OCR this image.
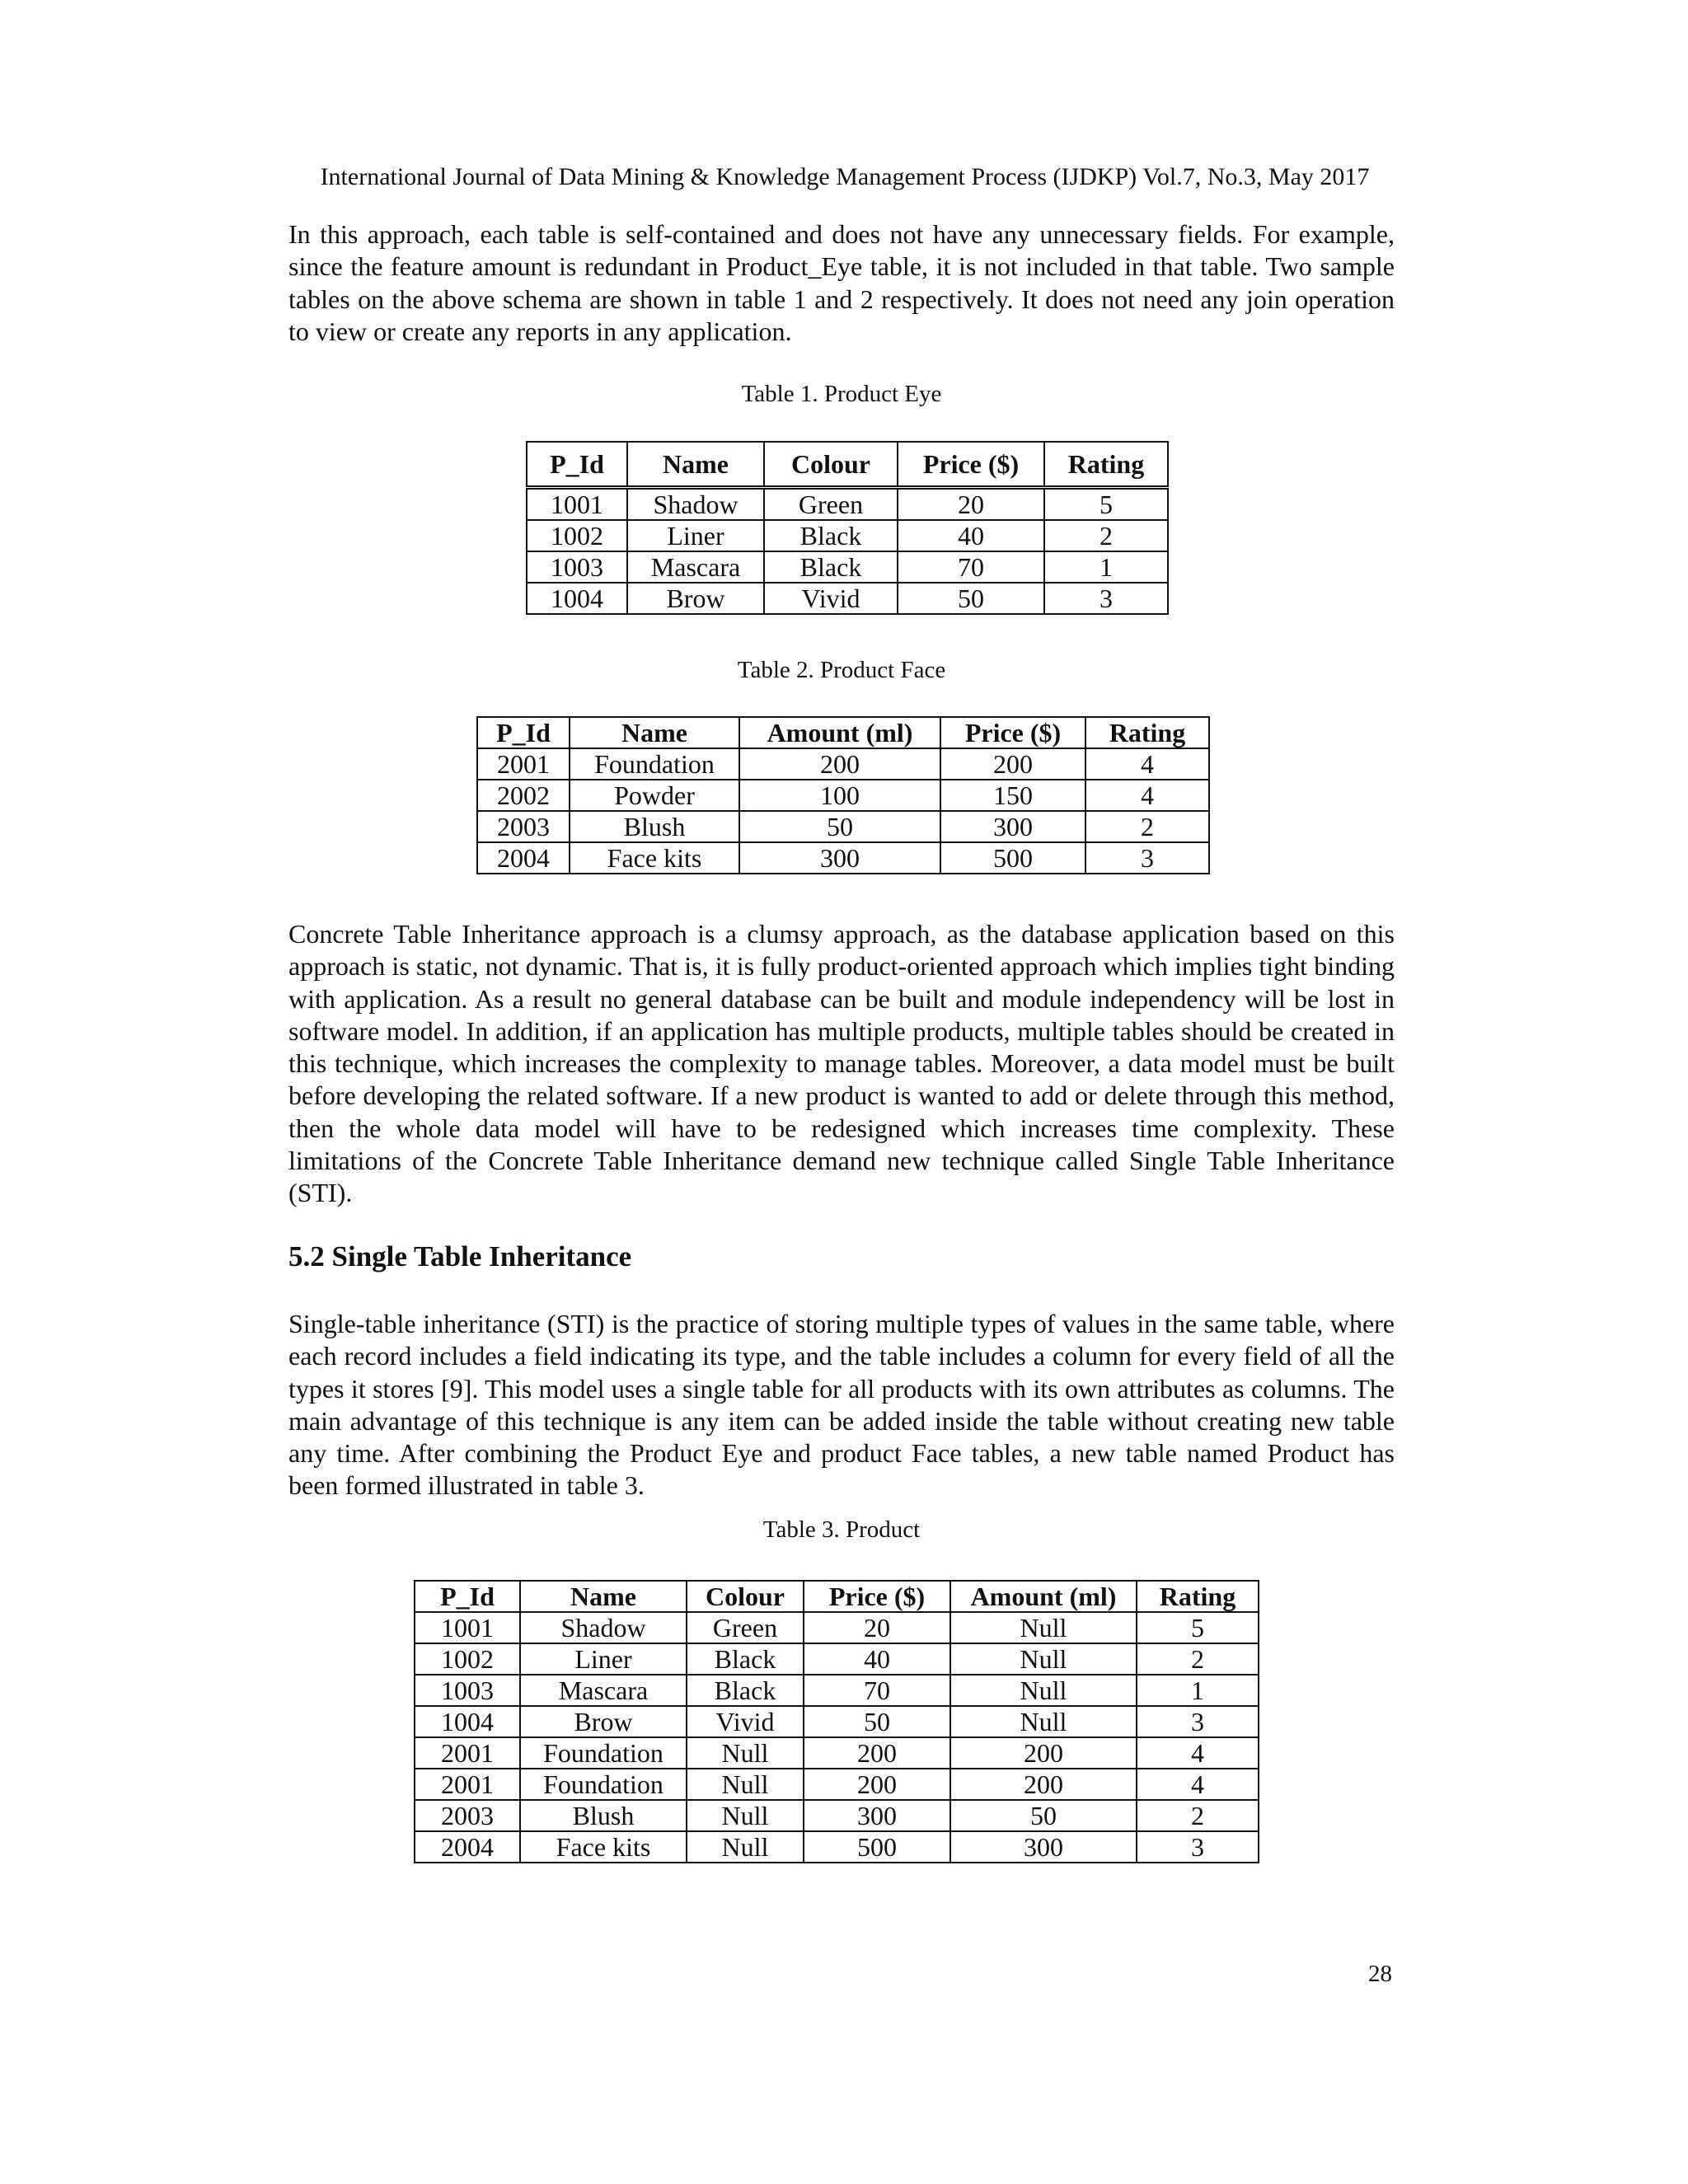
International Journal of Data Mining & Knowledge Management Process (IJDKP) Vol.7, No.3, May 2017

In this approach, each table is self-contained and does not have any unnecessary fields. For example, since the feature amount is redundant in Product_Eye table, it is not included in that table. Two sample tables on the above schema are shown in table 1 and 2 respectively. It does not need any join operation to view or create any reports in any application.

Table 1. Product Eye
P_Id	Name	Colour	Price ($)	Rating
1001	Shadow	Green	20	5
1002	Liner	Black	40	2
1003	Mascara	Black	70	1
1004	Brow	Vivid	50	3
Table 2. Product Face
P_Id	Name	Amount (ml)	Price ($)	Rating
2001	Foundation	200	200	4
2002	Powder	100	150	4
2003	Blush	50	300	2
2004	Face kits	300	500	3

Concrete Table Inheritance approach is a clumsy approach, as the database application based on this approach is static, not dynamic. That is, it is fully product-oriented approach which implies tight binding with application. As a result no general database can be built and module independency will be lost in software model. In addition, if an application has multiple products, multiple tables should be created in this technique, which increases the complexity to manage tables. Moreover, a data model must be built before developing the related software. If a new product is wanted to add or delete through this method, then the whole data model will have to be redesigned which increases time complexity. These limitations of the Concrete Table Inheritance demand new technique called Single Table Inheritance (STI).

5.2 Single Table Inheritance

Single-table inheritance (STI) is the practice of storing multiple types of values in the same table, where each record includes a field indicating its type, and the table includes a column for every field of all the types it stores [9]. This model uses a single table for all products with its own attributes as columns. The main advantage of this technique is any item can be added inside the table without creating new table any time. After combining the Product Eye and product Face tables, a new table named Product has been formed illustrated in table 3.

Table 3. Product
P_Id	Name	Colour	Price ($)	Amount (ml)	Rating
1001	Shadow	Green	20	Null	5
1002	Liner	Black	40	Null	2
1003	Mascara	Black	70	Null	1
1004	Brow	Vivid	50	Null	3
2001	Foundation	Null	200	200	4
2001	Foundation	Null	200	200	4
2003	Blush	Null	300	50	2
2004	Face kits	Null	500	300	3
28
